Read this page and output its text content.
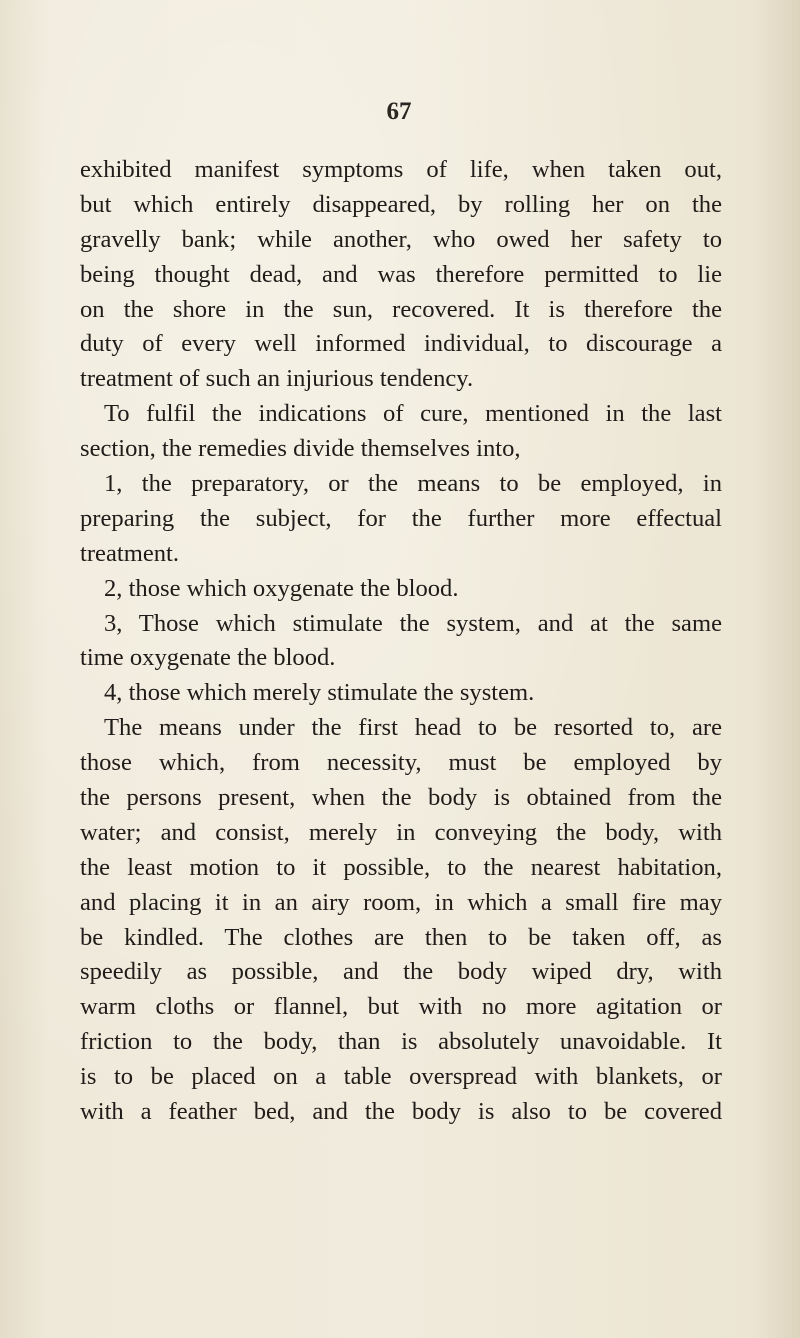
67

exhibited manifest symptoms of life, when taken out,
but which entirely disappeared, by rolling her on the
gravelly bank; while another, who owed her safety to
being thought dead, and was therefore permitted to lie
on the shore in the sun, recovered. It is therefore the
duty of every well informed individual, to discourage a
treatment of such an injurious tendency.
To fulfil the indications of cure, mentioned in the last
section, the remedies divide themselves into,
1, the preparatory, or the means to be employed, in
preparing the subject, for the further more effectual
treatment.
2, those which oxygenate the blood.
3, Those which stimulate the system, and at the same
time oxygenate the blood.
4, those which merely stimulate the system.
The means under the first head to be resorted to, are
those which, from necessity, must be employed by
the persons present, when the body is obtained from the
water; and consist, merely in conveying the body, with
the least motion to it possible, to the nearest habitation,
and placing it in an airy room, in which a small fire may
be kindled. The clothes are then to be taken off, as
speedily as possible, and the body wiped dry, with
warm cloths or flannel, but with no more agitation or
friction to the body, than is absolutely unavoidable. It
is to be placed on a table overspread with blankets, or
with a feather bed, and the body is also to be covered
